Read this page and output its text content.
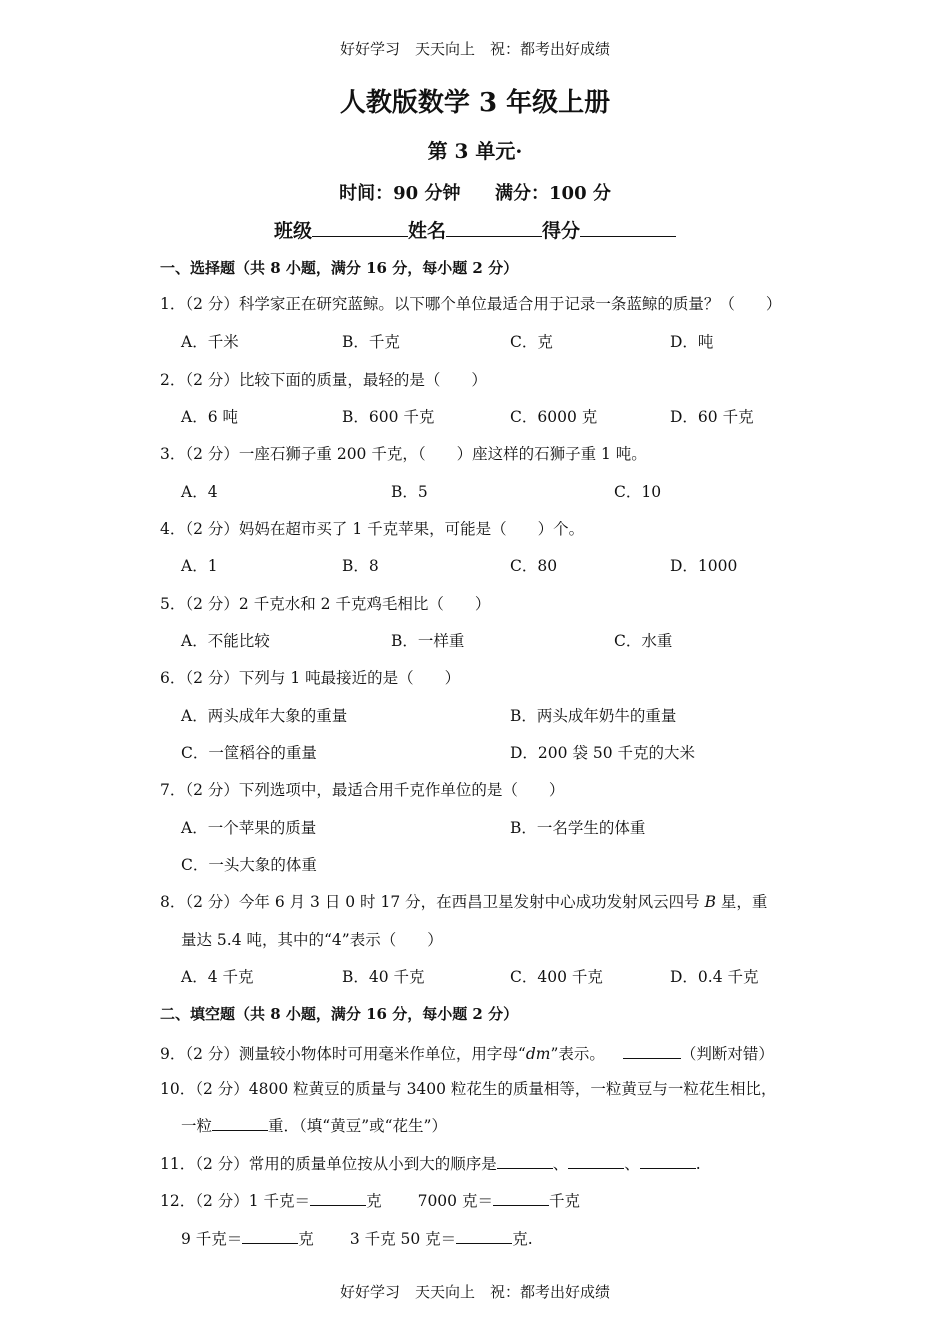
好好学习　天天向上　祝：都考出好成绩
人教版数学 3 年级上册
第 3 单元·
时间：90 分钟 满分：100 分
班级	姓名	得分
一、选择题（共 8 小题，满分 16 分，每小题 2 分）
1．（2 分）科学家正在研究蓝鲸。以下哪个单位最适合用于记录一条蓝鲸的质量？（　　）
A．千米	B．千克	C．克	D．吨
2．（2 分）比较下面的质量，最轻的是（　　）
A．6 吨	B．600 千克	C．6000 克	D．60 千克
3．（2 分）一座石狮子重 200 千克，（　　）座这样的石狮子重 1 吨。
A．4	B．5	C．10
4．（2 分）妈妈在超市买了 1 千克苹果，可能是（　　）个。
A．1	B．8	C．80	D．1000
5．（2 分）2 千克水和 2 千克鸡毛相比（　　）
A．不能比较	B．一样重	C．水重
6．（2 分）下列与 1 吨最接近的是（　　）
A．两头成年大象的重量	B．两头成年奶牛的重量
C．一筐稻谷的重量	D．200 袋 50 千克的大米
7．（2 分）下列选项中，最适合用千克作单位的是（　　）
A．一个苹果的质量	B．一名学生的体重
C．一头大象的体重
8．（2 分）今年 6 月 3 日 0 时 17 分，在西昌卫星发射中心成功发射风云四号 B 星，重
量达 5.4 吨，其中的“4”表示（　　）
A．4 千克	B．40 千克	C．400 千克	D．0.4 千克
二、填空题（共 8 小题，满分 16 分，每小题 2 分）
9．（2 分）测量较小物体时可用毫米作单位，用字母“dm”表示。	（判断对错）
10．（2 分）4800 粒黄豆的质量与 3400 粒花生的质量相等，一粒黄豆与一粒花生相比，
一粒	重．（填“黄豆”或“花生”）
11．（2 分）常用的质量单位按从小到大的顺序是	、	、	.
12．（2 分）1 千克＝	克 7000 克＝	千克
9 千克＝	克 3 千克 50 克＝	克.
好好学习　天天向上　祝：都考出好成绩
